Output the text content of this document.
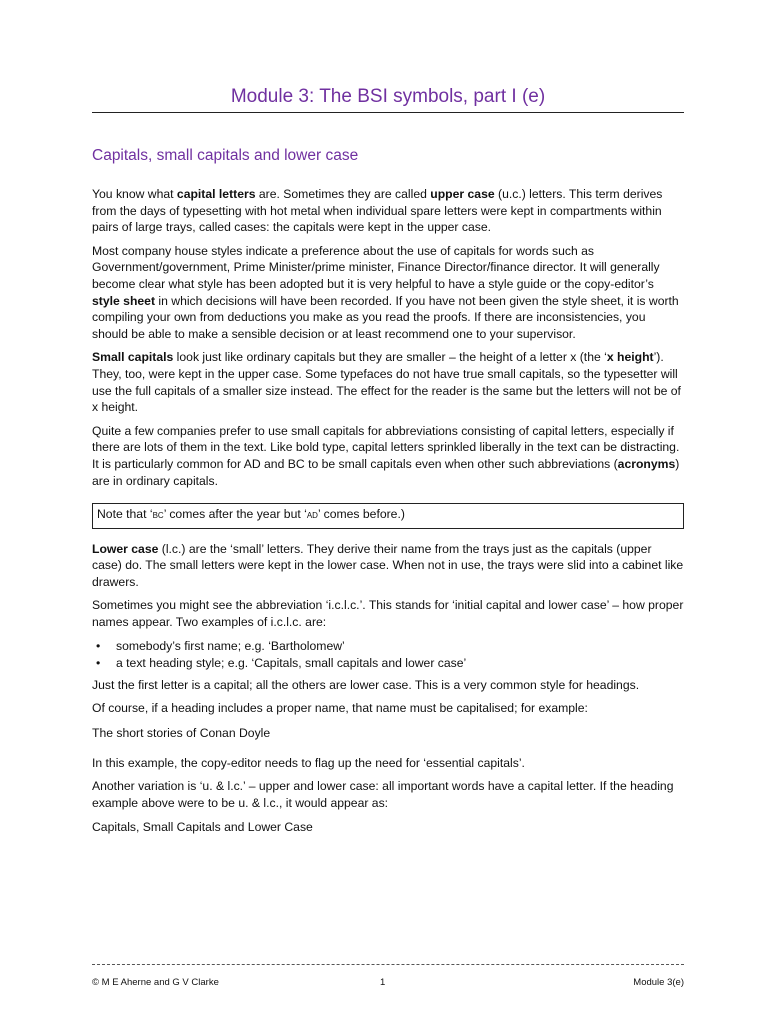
Module 3: The BSI symbols, part I (e)
Capitals, small capitals and lower case

You know what capital letters are. Sometimes they are called upper case (u.c.) letters. This term derives from the days of typesetting with hot metal when individual spare letters were kept in compartments within pairs of large trays, called cases: the capitals were kept in the upper case.

Most company house styles indicate a preference about the use of capitals for words such as Government/government, Prime Minister/prime minister, Finance Director/finance director. It will generally become clear what style has been adopted but it is very helpful to have a style guide or the copy-editor’s style sheet in which decisions will have been recorded. If you have not been given the style sheet, it is worth compiling your own from deductions you make as you read the proofs. If there are inconsistencies, you should be able to make a sensible decision or at least recommend one to your supervisor.

Small capitals look just like ordinary capitals but they are smaller – the height of a letter x (the ‘x height’). They, too, were kept in the upper case. Some typefaces do not have true small capitals, so the typesetter will use the full capitals of a smaller size instead. The effect for the reader is the same but the letters will not be of x height.

Quite a few companies prefer to use small capitals for abbreviations consisting of capital letters, especially if there are lots of them in the text. Like bold type, capital letters sprinkled liberally in the text can be distracting. It is particularly common for AD and BC to be small capitals even when other such abbreviations (acronyms) are in ordinary capitals.

Note that ‘bc’ comes after the year but ‘ad’ comes before.)

Lower case (l.c.) are the ‘small’ letters. They derive their name from the trays just as the capitals (upper case) do. The small letters were kept in the lower case. When not in use, the trays were slid into a cabinet like drawers.

Sometimes you might see the abbreviation ‘i.c.l.c.’. This stands for ‘initial capital and lower case’ – how proper names appear. Two examples of i.c.l.c. are:

• somebody’s first name; e.g. ‘Bartholomew’
• a text heading style; e.g. ‘Capitals, small capitals and lower case’

Just the first letter is a capital; all the others are lower case. This is a very common style for headings.

Of course, if a heading includes a proper name, that name must be capitalised; for example:

The short stories of Conan Doyle

In this example, the copy-editor needs to flag up the need for ‘essential capitals’.

Another variation is ‘u. & l.c.’ – upper and lower case: all important words have a capital letter. If the heading example above were to be u. & l.c., it would appear as:

Capitals, Small Capitals and Lower Case

© M E Aherne and G V Clarke	1	Module 3(e)
